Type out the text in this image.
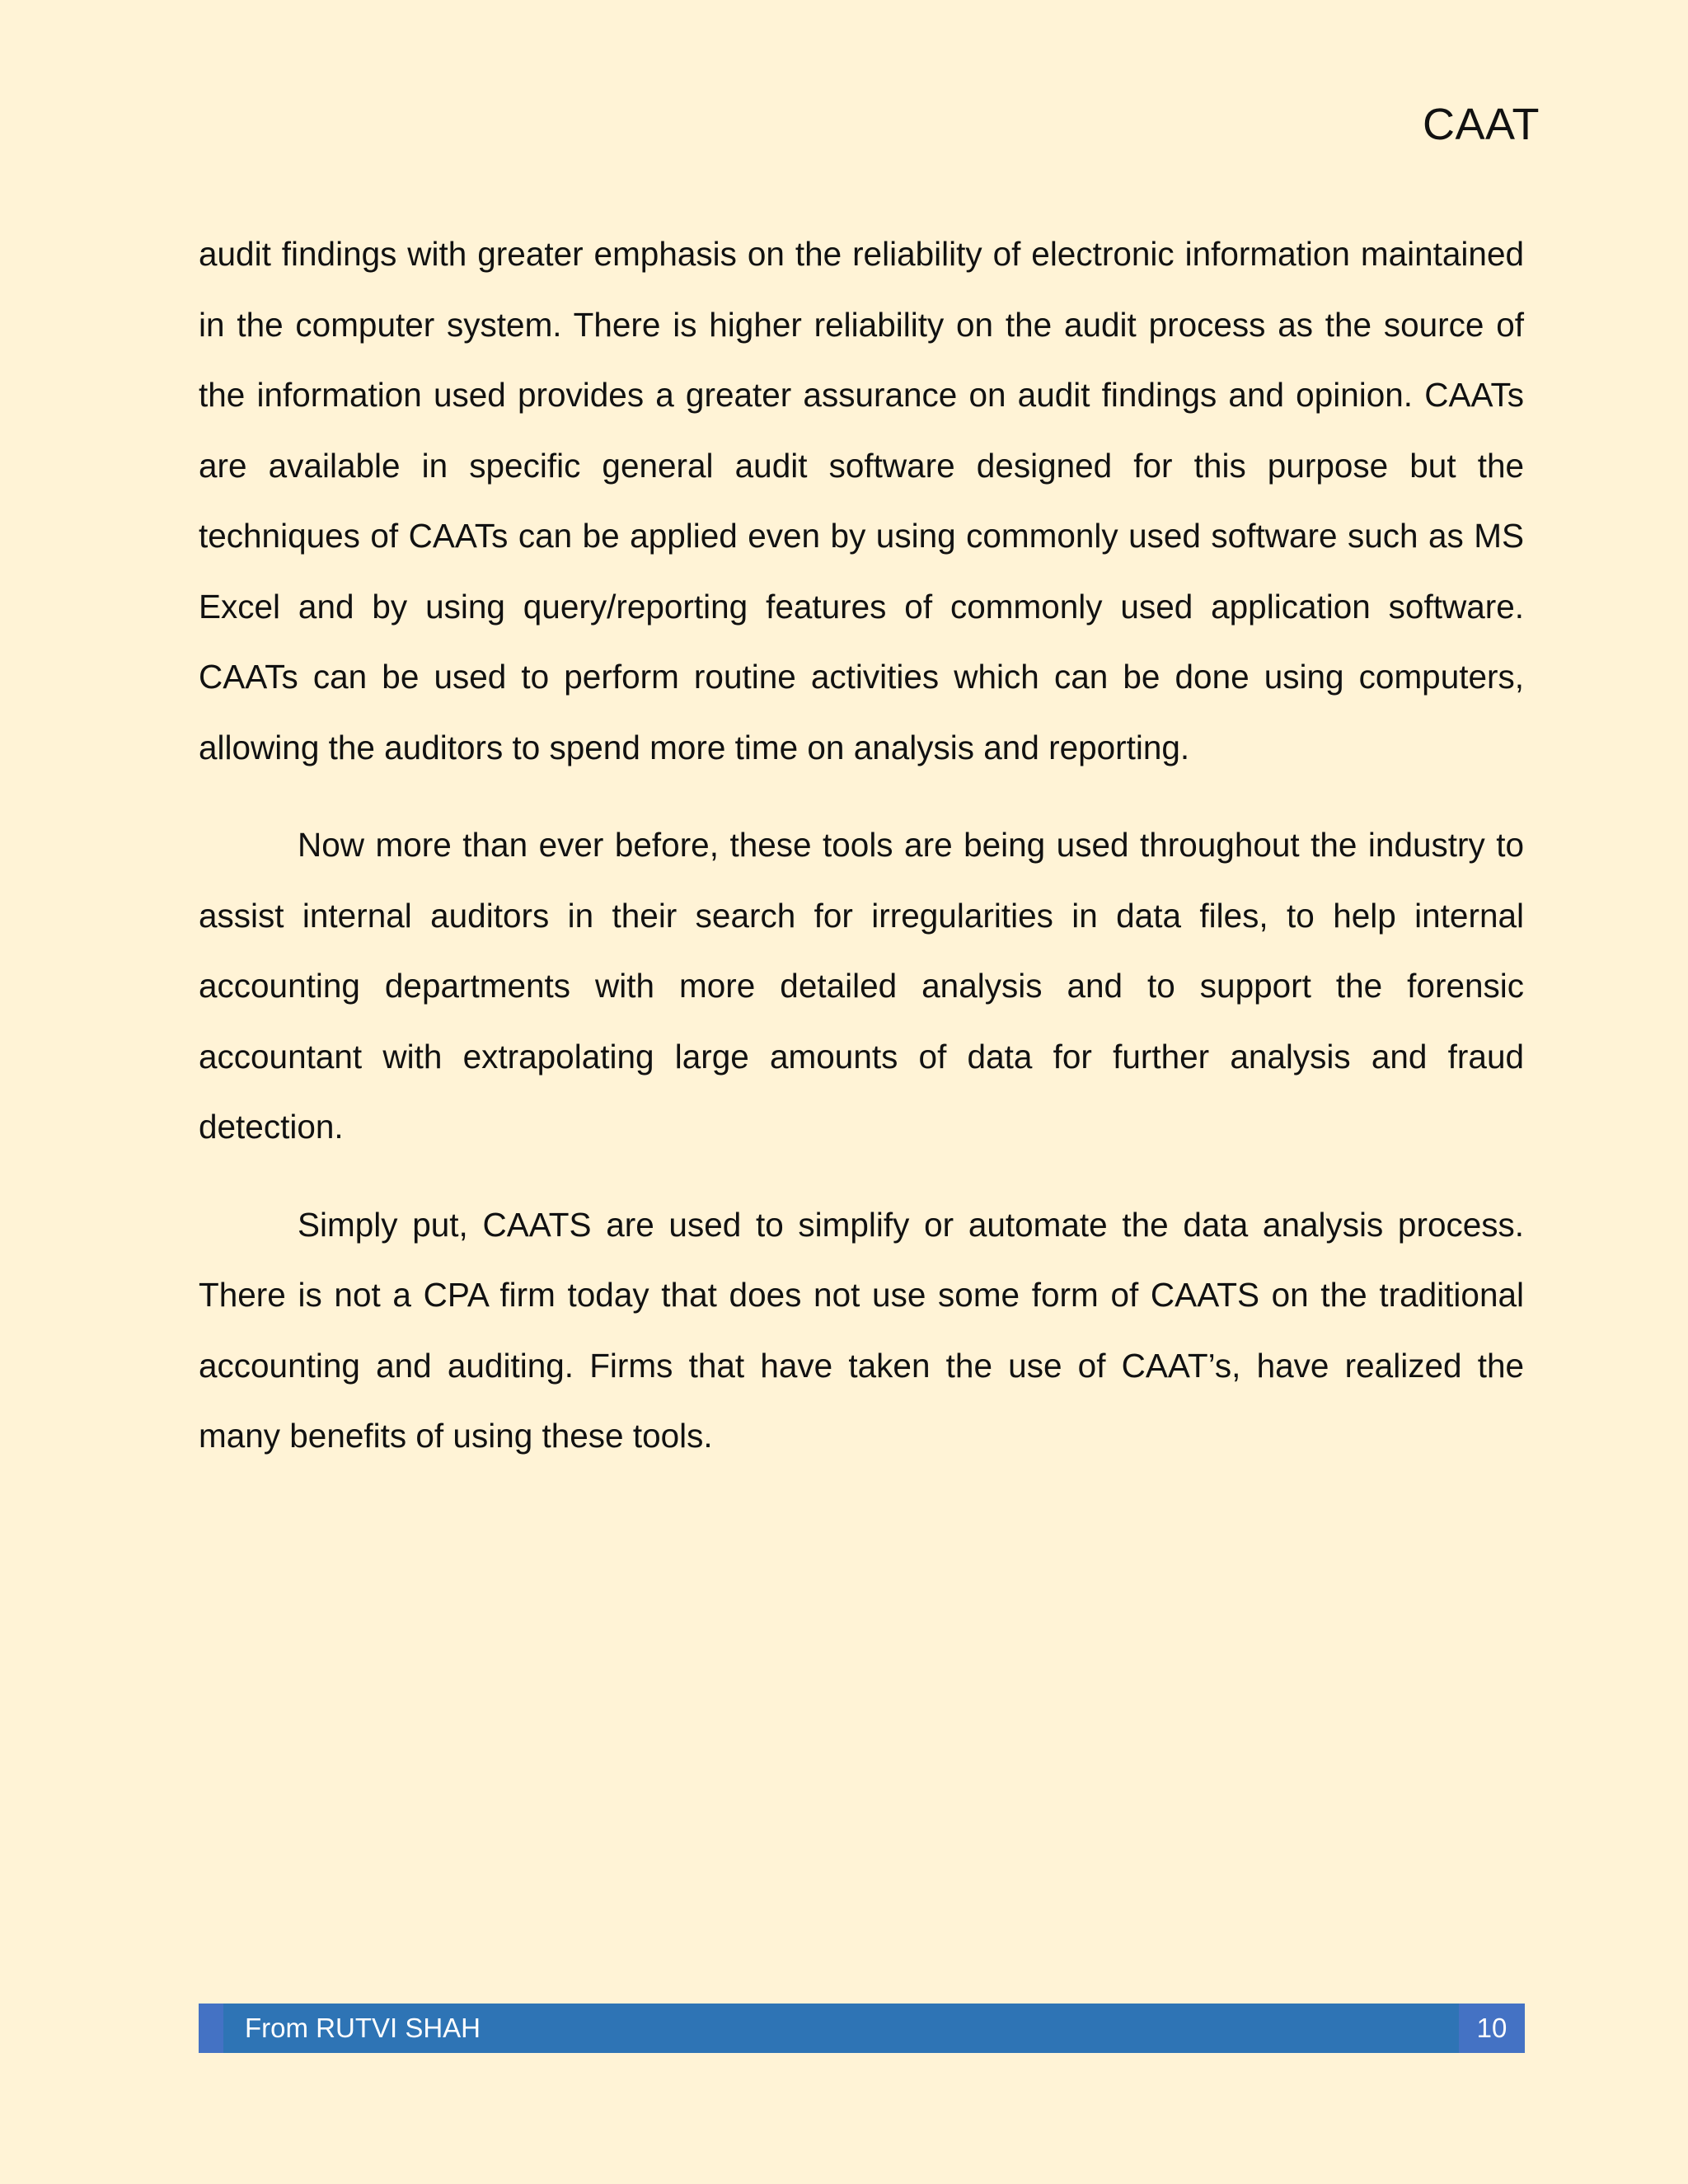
CAAT

audit findings with greater emphasis on the reliability of electronic information maintained in the computer system. There is higher reliability on the audit process as the source of the information used provides a greater assurance on audit findings and opinion. CAATs are available in specific general audit software designed for this purpose but the techniques of CAATs can be applied even by using commonly used software such as MS Excel and by using query/reporting features of commonly used application software. CAATs can be used to perform routine activities which can be done using computers, allowing the auditors to spend more time on analysis and reporting.

Now more than ever before, these tools are being used throughout the industry to assist internal auditors in their search for irregularities in data files, to help internal accounting departments with more detailed analysis and to support the forensic accountant with extrapolating large amounts of data for further analysis and fraud detection.

Simply put, CAATS are used to simplify or automate the data analysis process. There is not a CPA firm today that does not use some form of CAATS on the traditional accounting and auditing. Firms that have taken the use of CAAT’s, have realized the many benefits of using these tools.

From RUTVI SHAH	10
